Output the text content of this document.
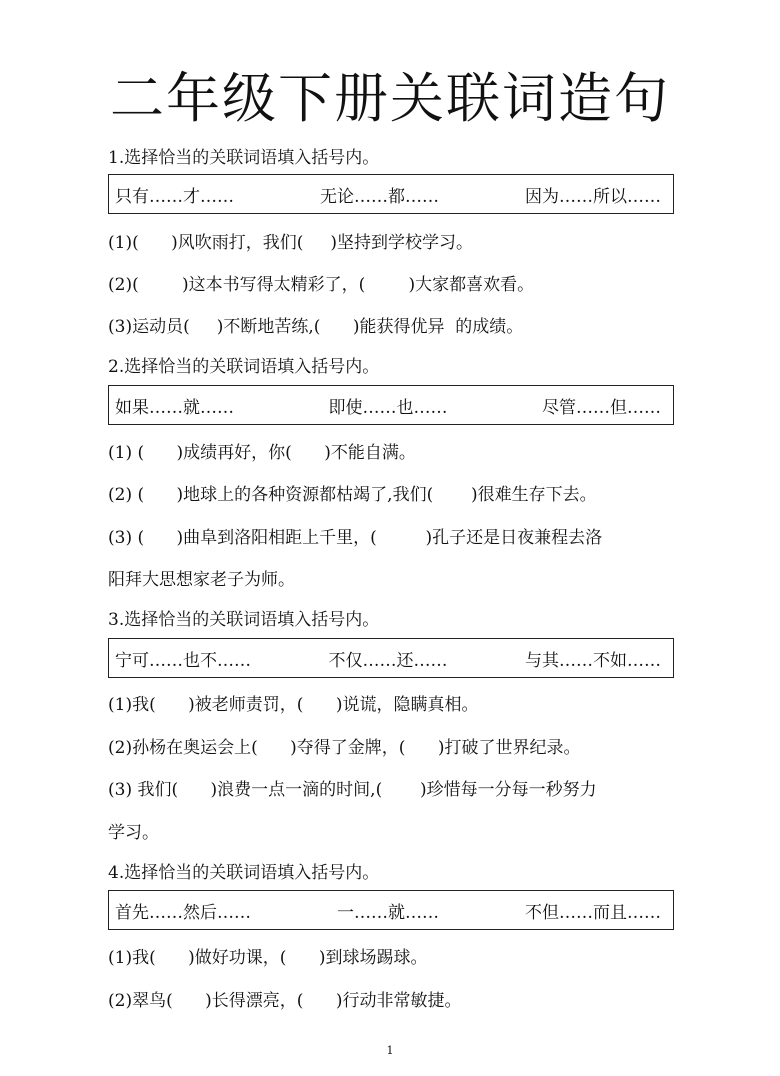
二年级下册关联词造句
1.选择恰当的关联词语填入括号内。
只有……才……	无论……都……	因为……所以……
(1)(      )风吹雨打，我们(     )坚持到学校学习。
(2)(        )这本书写得太精彩了，(        )大家都喜欢看。
(3)运动员(     )不断地苦练,(      )能获得优异  的成绩。
2.选择恰当的关联词语填入括号内。
如果……就……	即使……也……	尽管……但……
(1) (      )成绩再好，你(      )不能自满。
(2) (      )地球上的各种资源都枯竭了,我们(       )很难生存下去。
(3) (      )曲阜到洛阳相距上千里，(         )孔子还是日夜兼程去洛
阳拜大思想家老子为师。
3.选择恰当的关联词语填入括号内。
宁可……也不……	不仅……还……	与其……不如……
(1)我(      )被老师责罚，(      )说谎，隐瞒真相。
(2)孙杨在奥运会上(      )夺得了金牌，(      )打破了世界纪录。
(3) 我们(      )浪费一点一滴的时间,(       )珍惜每一分每一秒努力
学习。
4.选择恰当的关联词语填入括号内。
首先……然后……	一……就……	不但……而且……
(1)我(      )做好功课，(      )到球场踢球。
(2)翠鸟(      )长得漂亮，(      )行动非常敏捷。
1
